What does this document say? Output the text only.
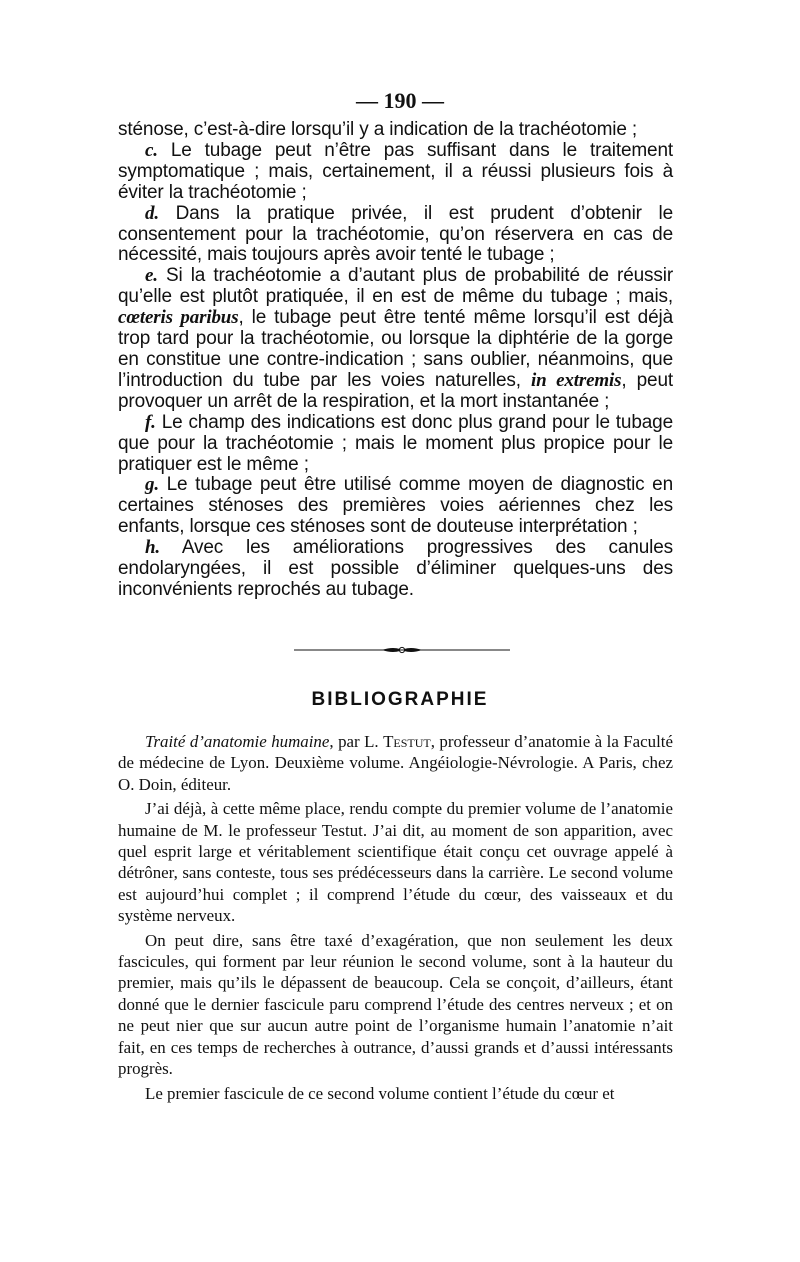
— 190 —

sténose, c’est-à-dire lorsqu’il y a indication de la trachéotomie ;

c. Le tubage peut n’être pas suffisant dans le traitement symptomatique ; mais, certainement, il a réussi plusieurs fois à éviter la trachéotomie ;

d. Dans la pratique privée, il est prudent d’obtenir le consentement pour la trachéotomie, qu’on réservera en cas de nécessité, mais toujours après avoir tenté le tubage ;

e. Si la trachéotomie a d’autant plus de probabilité de réussir qu’elle est plutôt pratiquée, il en est de même du tubage ; mais, cœteris paribus, le tubage peut être tenté même lorsqu’il est déjà trop tard pour la trachéotomie, ou lorsque la diphtérie de la gorge en constitue une contre-indication ; sans oublier, néanmoins, que l’introduction du tube par les voies naturelles, in extremis, peut provoquer un arrêt de la respiration, et la mort instantanée ;

f. Le champ des indications est donc plus grand pour le tubage que pour la trachéotomie ; mais le moment plus propice pour le pratiquer est le même ;

g. Le tubage peut être utilisé comme moyen de diagnostic en certaines sténoses des premières voies aériennes chez les enfants, lorsque ces sténoses sont de douteuse interprétation ;

h. Avec les améliorations progressives des canules endolaryngées, il est possible d’éliminer quelques-uns des inconvénients reprochés au tubage.

BIBLIOGRAPHIE

Traité d’anatomie humaine, par L. Testut, professeur d’anatomie à la Faculté de médecine de Lyon. Deuxième volume. Angéiologie-Névrologie. A Paris, chez O. Doin, éditeur.

J’ai déjà, à cette même place, rendu compte du premier volume de l’anatomie humaine de M. le professeur Testut. J’ai dit, au moment de son apparition, avec quel esprit large et véritablement scientifique était conçu cet ouvrage appelé à détrôner, sans conteste, tous ses prédécesseurs dans la carrière. Le second volume est aujourd’hui complet ; il comprend l’étude du cœur, des vaisseaux et du système nerveux.

On peut dire, sans être taxé d’exagération, que non seulement les deux fascicules, qui forment par leur réunion le second volume, sont à la hauteur du premier, mais qu’ils le dépassent de beaucoup. Cela se conçoit, d’ailleurs, étant donné que le dernier fascicule paru comprend l’étude des centres nerveux ; et on ne peut nier que sur aucun autre point de l’organisme humain l’anatomie n’ait fait, en ces temps de recherches à outrance, d’aussi grands et d’aussi intéressants progrès.

Le premier fascicule de ce second volume contient l’étude du cœur et
